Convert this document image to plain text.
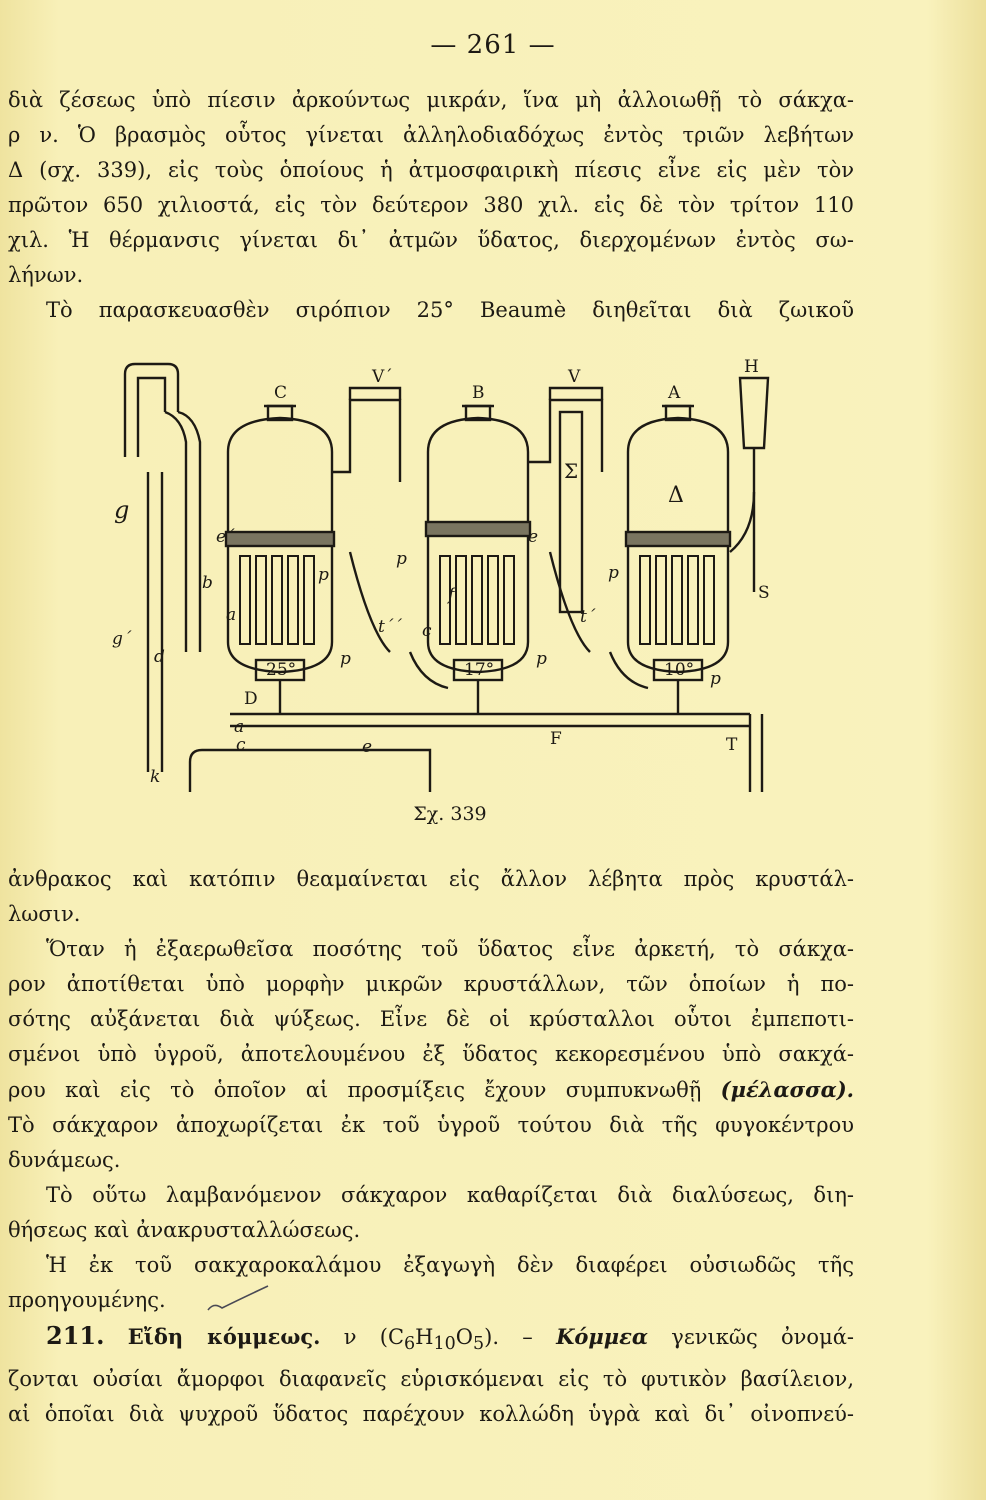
— 261 —
διὰ ζέσεως ὑπὸ πίεσιν ἀρκούντως μικράν, ἵνα μὴ ἀλλοιωθῇ τὸ σάκχα-
ρ ν. Ὁ βρασμὸς οὗτος γίνεται ἀλληλοδιαδόχως ἐντὸς τριῶν λεβήτων
Δ (σχ. 339), εἰς τοὺς ὁποίους ἡ ἀτμοσφαιρικὴ πίεσις εἶνε εἰς μὲν τὸν
πρῶτον 650 χιλιοστά, εἰς τὸν δεύτερον 380 χιλ. εἰς δὲ τὸν τρίτον 110
χιλ. Ἡ θέρμανσις γίνεται δι᾽ ἀτμῶν ὕδατος, διερχομένων ἐντὸς σω-
λήνων.
Τὸ παρασκευασθὲν σιρόπιον 25° Beaumè διηθεῖται διὰ ζωικοῦ
C	B	A
V´	V	H
Δ
Σ
25°	17°	10°
D
F	T
S
g
g´
d
b
a
a
c
c
e
e´	e
f
p
p	p
p
p
p
t´´	t´
k
Σχ. 339
ἀνθρακος καὶ κατόπιν θεαμαίνεται εἰς ἄλλον λέβητα πρὸς κρυστάλ-
λωσιν.
Ὅταν ἡ ἐξαερωθεῖσα ποσότης τοῦ ὕδατος εἶνε ἀρκετή, τὸ σάκχα-
ρον ἀποτίθεται ὑπὸ μορφὴν μικρῶν κρυστάλλων, τῶν ὁποίων ἡ πο-
σότης αὐξάνεται διὰ ψύξεως. Εἶνε δὲ οἱ κρύσταλλοι οὗτοι ἐμπεποτι-
σμένοι ὑπὸ ὑγροῦ, ἀποτελουμένου ἐξ ὕδατος κεκορεσμένου ὑπὸ σακχά-
ρου καὶ εἰς τὸ ὁποῖον αἱ προσμίξεις ἔχουν συμπυκνωθῇ (μέλασσα).
Τὸ σάκχαρον ἀποχωρίζεται ἐκ τοῦ ὑγροῦ τούτου διὰ τῆς φυγοκέντρου
δυνάμεως.
Τὸ οὕτω λαμβανόμενον σάκχαρον καθαρίζεται διὰ διαλύσεως, διη-
θήσεως καὶ ἀνακρυσταλλώσεως.
Ἡ ἐκ τοῦ σακχαροκαλάμου ἐξαγωγὴ δὲν διαφέρει οὐσιωδῶς τῆς
προηγουμένης.
211. Εἴδη κόμμεως. ν $(C_6H_{10}O_5)$. – Κόμμεα γενικῶς ὀνομά-
ζονται οὐσίαι ἄμορφοι διαφανεῖς εὑρισκόμεναι εἰς τὸ φυτικὸν βασίλειον,
αἱ ὁποῖαι διὰ ψυχροῦ ὕδατος παρέχουν κολλώδη ὑγρὰ καὶ δι᾽ οἰνοπνεύ-
